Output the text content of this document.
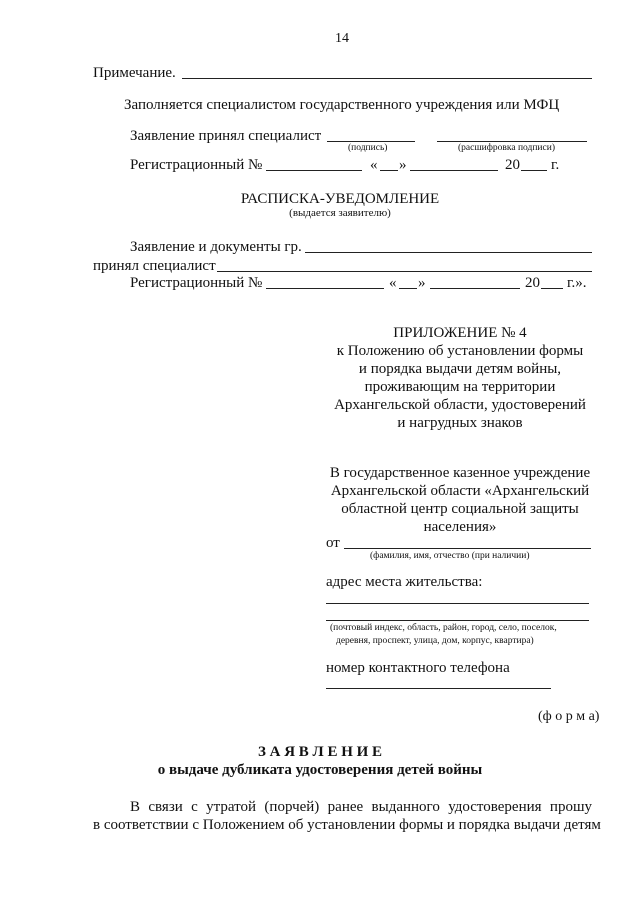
14
Примечание.
Заполняется специалистом государственного учреждения или МФЦ
Заявление принял специалист
(подпись)	(расшифровка подписи)
Регистрационный №	« »	20 г.
РАСПИСКА-УВЕДОМЛЕНИЕ
(выдается заявителю)
Заявление и документы гр.
принял специалист
Регистрационный №	« »	20 г.».
ПРИЛОЖЕНИЕ № 4
к Положению об установлении формы
и порядка выдачи детям войны,
проживающим на территории
Архангельской области, удостоверений
и нагрудных знаков
В государственное казенное учреждение
Архангельской области «Архангельский
областной центр социальной защиты
населения»
от
(фамилия, имя, отчество (при наличии)
адрес места жительства:
(почтовый индекс, область, район, город, село, поселок,
деревня, проспект, улица, дом, корпус, квартира)
номер контактного телефона
(ф о р м а)
З А Я В Л Е Н И Е
о выдаче дубликата удостоверения детей войны
В связи с утратой (порчей) ранее выданного удостоверения прошу
в соответствии с Положением об установлении формы и порядка выдачи детям
